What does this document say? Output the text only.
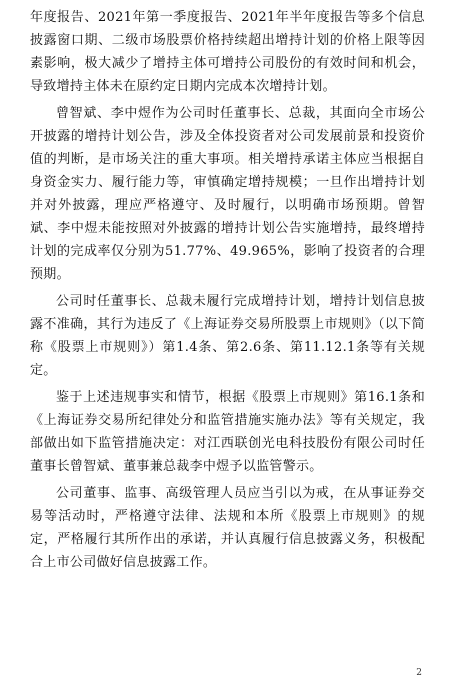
年度报告、2021年第一季度报告、2021年半年度报告等多个信息披露窗口期、二级市场股票价格持续超出增持计划的价格上限等因素影响，极大减少了增持主体可增持公司股份的有效时间和机会，导致增持主体未在原约定日期内完成本次增持计划。

曾智斌、李中煜作为公司时任董事长、总裁，其面向全市场公开披露的增持计划公告，涉及全体投资者对公司发展前景和投资价值的判断，是市场关注的重大事项。相关增持承诺主体应当根据自身资金实力、履行能力等，审慎确定增持规模；一旦作出增持计划并对外披露，理应严格遵守、及时履行，以明确市场预期。曾智斌、李中煜未能按照对外披露的增持计划公告实施增持，最终增持计划的完成率仅分别为51.77%、49.965%，影响了投资者的合理预期。

公司时任董事长、总裁未履行完成增持计划，增持计划信息披露不准确，其行为违反了《上海证券交易所股票上市规则》（以下简称《股票上市规则》）第1.4条、第2.6条、第11.12.1条等有关规定。

鉴于上述违规事实和情节，根据《股票上市规则》第16.1条和《上海证券交易所纪律处分和监管措施实施办法》等有关规定，我部做出如下监管措施决定：对江西联创光电科技股份有限公司时任董事长曾智斌、董事兼总裁李中煜予以监管警示。

公司董事、监事、高级管理人员应当引以为戒，在从事证券交易等活动时，严格遵守法律、法规和本所《股票上市规则》的规定，严格履行其所作出的承诺，并认真履行信息披露义务，积极配合上市公司做好信息披露工作。

2
